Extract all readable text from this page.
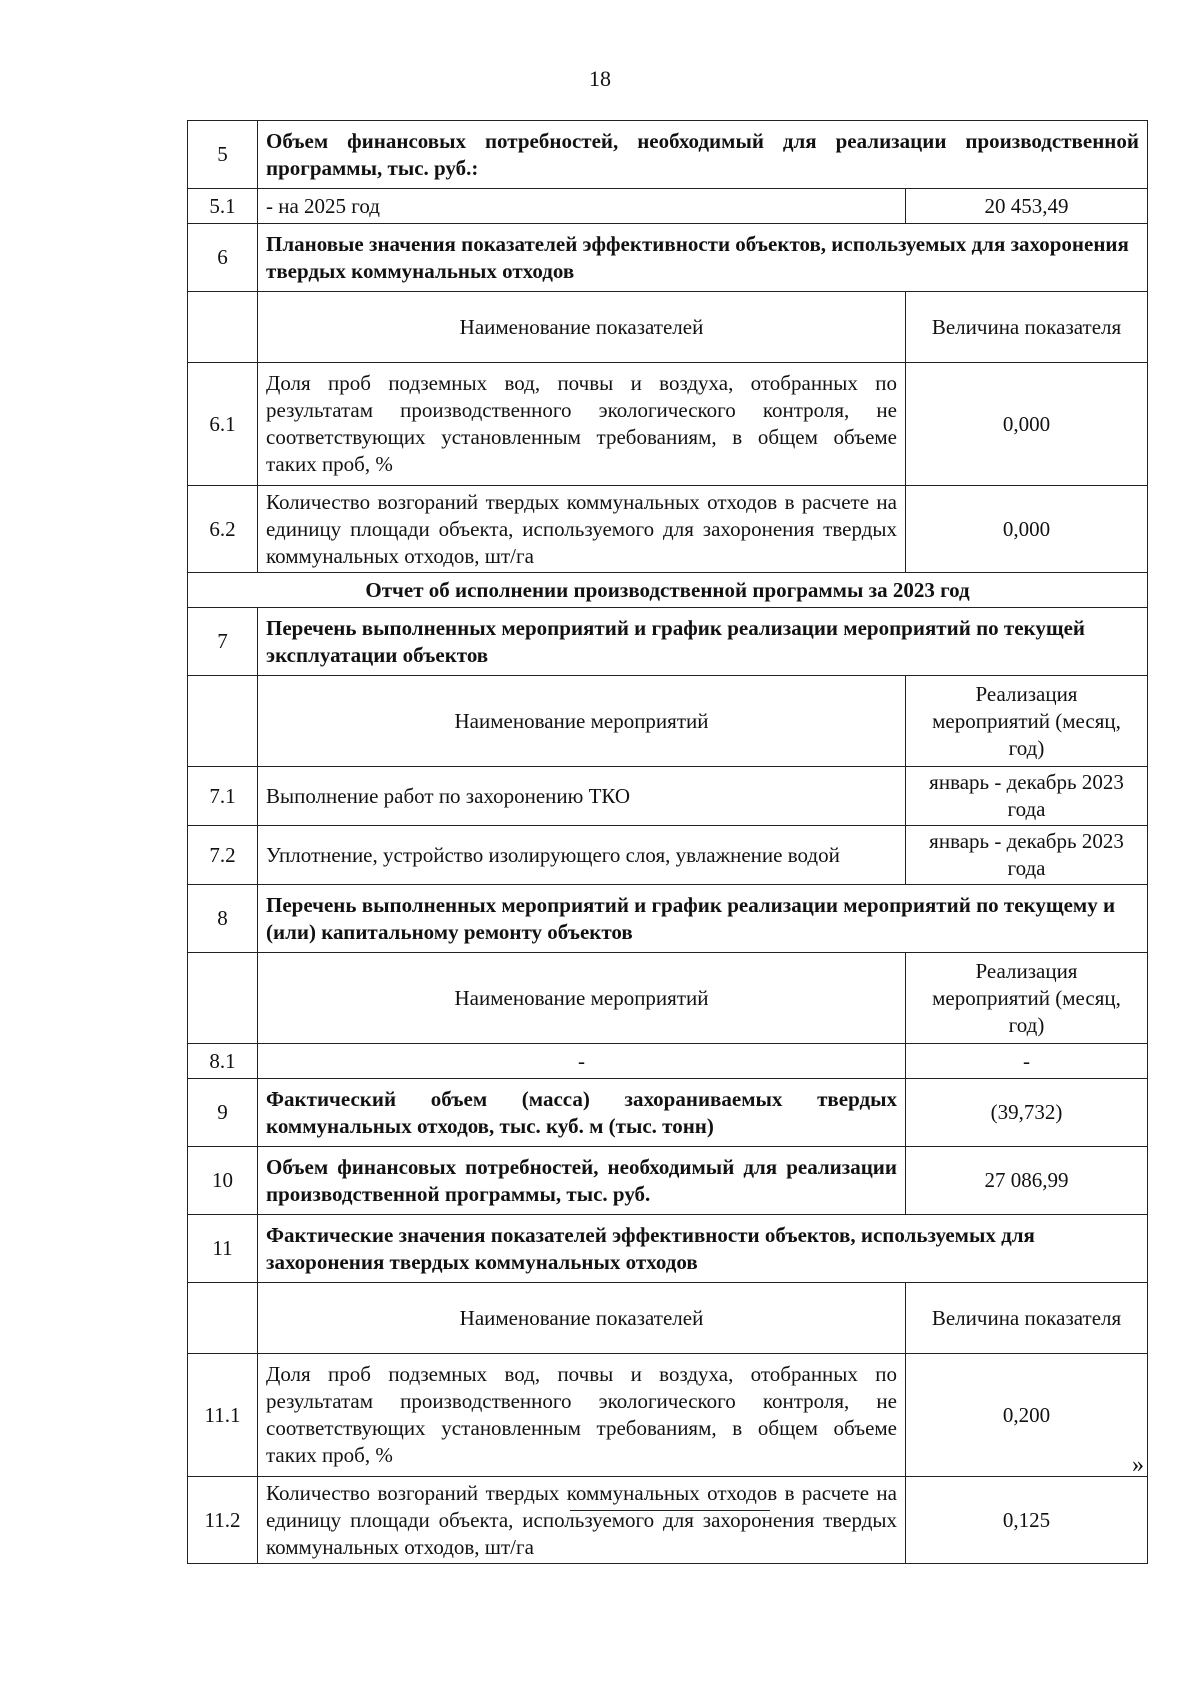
18
5	Объем финансовых потребностей, необходимый для реализации производственной программы, тыс. руб.:	
5.1	- на 2025 год	20 453,49
6	Плановые значения показателей эффективности объектов, используемых для захоронения твердых коммунальных отходов	
	Наименование показателей	Величина показателя
6.1	Доля проб подземных вод, почвы и воздуха, отобранных по результатам производственного экологического контроля, не соответствующих установленным требованиям, в общем объеме таких проб, %	0,000
6.2	Количество возгораний твердых коммунальных отходов в расчете на единицу площади объекта, используемого для захоронения твердых коммунальных отходов, шт/га	0,000
Отчет об исполнении производственной программы за 2023 год		
7	Перечень выполненных мероприятий и график реализации мероприятий по текущей эксплуатации объектов	
	Наименование мероприятий	Реализация мероприятий (месяц, год)
7.1	Выполнение работ по захоронению ТКО	январь - декабрь 2023 года
7.2	Уплотнение, устройство изолирующего слоя, увлажнение водой	январь - декабрь 2023 года
8	Перечень выполненных мероприятий и график реализации мероприятий по текущему и (или) капитальному ремонту объектов	
	Наименование мероприятий	Реализация мероприятий (месяц, год)
8.1	-	-
9	Фактический объем (масса) захораниваемых твердых коммунальных отходов, тыс. куб. м (тыс. тонн)	(39,732)
10	Объем финансовых потребностей, необходимый для реализации производственной программы, тыс. руб.	27 086,99
11	Фактические значения показателей эффективности объектов, используемых для захоронения твердых коммунальных отходов	
	Наименование показателей	Величина показателя
11.1	Доля проб подземных вод, почвы и воздуха, отобранных по результатам производственного экологического контроля, не соответствующих установленным требованиям, в общем объеме таких проб, %	0,200
11.2	Количество возгораний твердых коммунальных отходов в расчете на единицу площади объекта, используемого для захоронения твердых коммунальных отходов, шт/га	0,125
»
